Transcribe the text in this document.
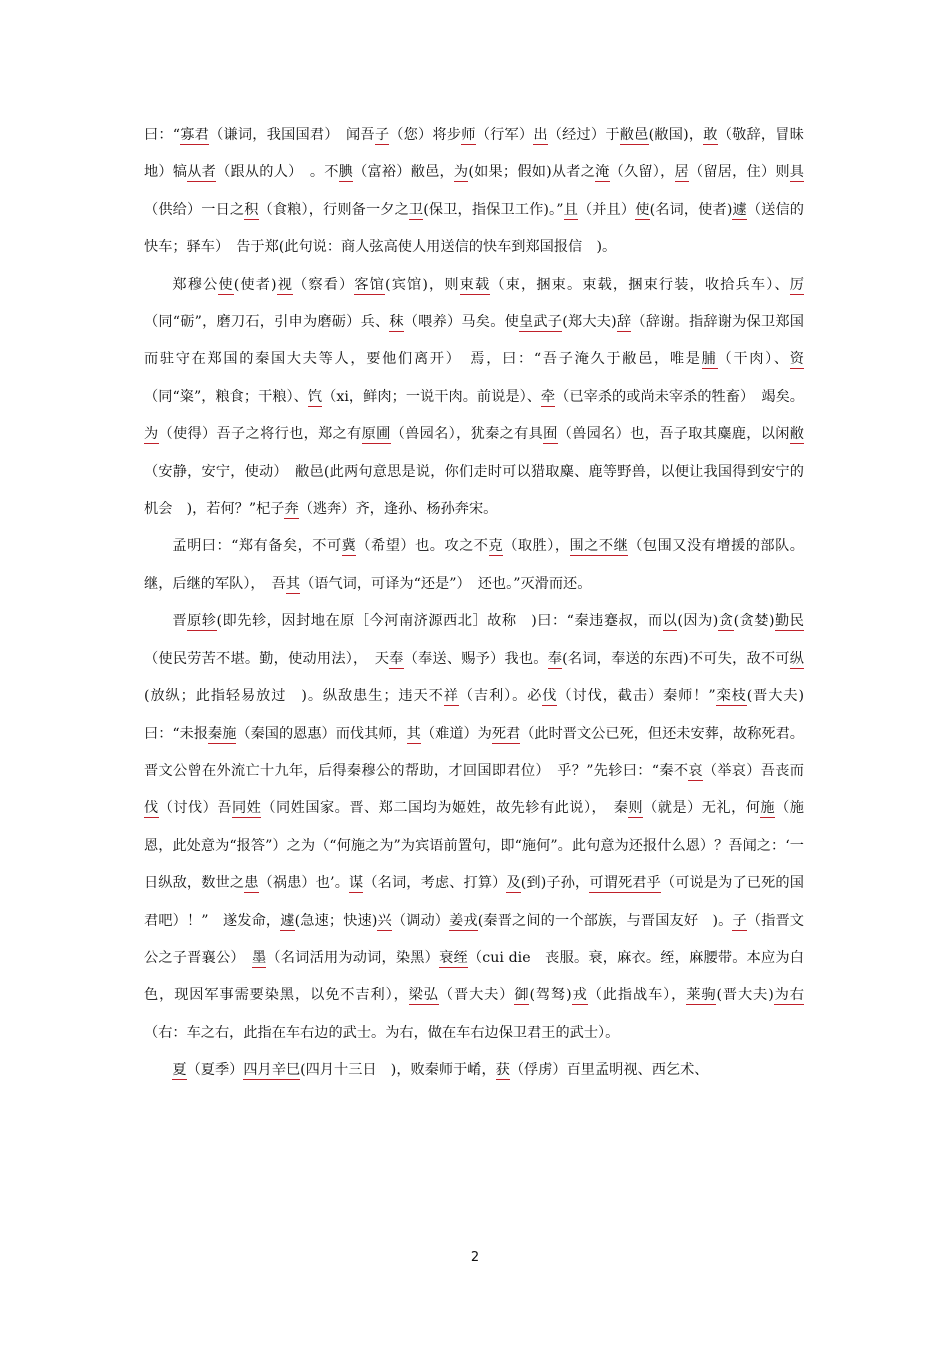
曰：“寡君（谦词，我国国君）　闻吾子（您）将步师（行军）出（经过）于敝邑(敝国)，敢（敬辞，冒昧地）犒从者（跟从的人）　。不腆（富裕）敝邑，为(如果；假如)从者之淹（久留），居（留居，住）则具（供给）一日之积（食粮），行则备一夕之卫(保卫，指保卫工作)。”且（并且）使(名词，使者)遽（送信的快车；驿车）　告于郑(此句说：商人弦高使人用送信的快车到郑国报信　)。

郑穆公使(使者)视（察看）客馆(宾馆)，则束载（束，捆束。束载，捆束行装，收拾兵车）、厉（同“砺”，磨刀石，引申为磨砺）兵、秣（喂养）马矣。使皇武子(郑大夫)辞（辞谢。指辞谢为保卫郑国而驻守在郑国的秦国大夫等人，要他们离开）　焉，曰：“吾子淹久于敝邑，唯是脯（干肉）、资（同“粢”，粮食；干粮）、饩（xi，鲜肉；一说干肉。前说是）、牵（已宰杀的或尚未宰杀的牲畜）　竭矣。为（使得）吾子之将行也，郑之有原圃（兽园名），犹秦之有具囿（兽园名）也，吾子取其麋鹿，以闲敝（安静，安宁，使动）　敝邑(此两句意思是说，你们走时可以猎取麋、鹿等野兽，以便让我国得到安宁的机会　)，若何？”杞子奔（逃奔）齐，逢孙、杨孙奔宋。

孟明曰：“郑有备矣，不可冀（希望）也。攻之不克（取胜），围之不继（包围又没有增援的部队。继，后继的军队），　吾其（语气词，可译为“还是”）　还也。”灭滑而还。

晋原轸(即先轸，因封地在原［今河南济源西北］故称　)曰：“秦违蹇叔，而以(因为)贪(贪婪)勤民（使民劳苦不堪。勤，使动用法），　天奉（奉送、赐予）我也。奉(名词，奉送的东西)不可失，敌不可纵(放纵；此指轻易放过　)。纵敌患生；违天不祥（吉利）。必伐（讨伐，截击）秦师！”栾枝(晋大夫)曰：“未报秦施（秦国的恩惠）而伐其师，其（难道）为死君（此时晋文公已死，但还未安葬，故称死君。晋文公曾在外流亡十九年，后得秦穆公的帮助，才回国即君位）　乎？”先轸曰：“秦不哀（举哀）吾丧而伐（讨伐）吾同姓（同姓国家。晋、郑二国均为姬姓，故先轸有此说），　秦则（就是）无礼，何施（施恩，此处意为“报答”）之为（“何施之为”为宾语前置句，即“施何”。此句意为还报什么恩）？吾闻之：‘一日纵敌，数世之患（祸患）也’。谋（名词，考虑、打算）及(到)子孙，可谓死君乎（可说是为了已死的国君吧）！”　遂发命，遽(急速；快速)兴（调动）姜戎(秦晋之间的一个部族，与晋国友好　)。子（指晋文公之子晋襄公）　墨（名词活用为动词，染黑）衰绖（cui die　丧服。衰，麻衣。绖，麻腰带。本应为白色，现因军事需要染黑，以免不吉利），梁弘（晋大夫）御(驾驽)戎（此指战车），莱驹(晋大夫)为右（右：车之右，此指在车右边的武士。为右，做在车右边保卫君王的武士）。

夏（夏季）四月辛巳(四月十三日　)，败秦师于崤，获（俘虏）百里孟明视、西乞术、

2
